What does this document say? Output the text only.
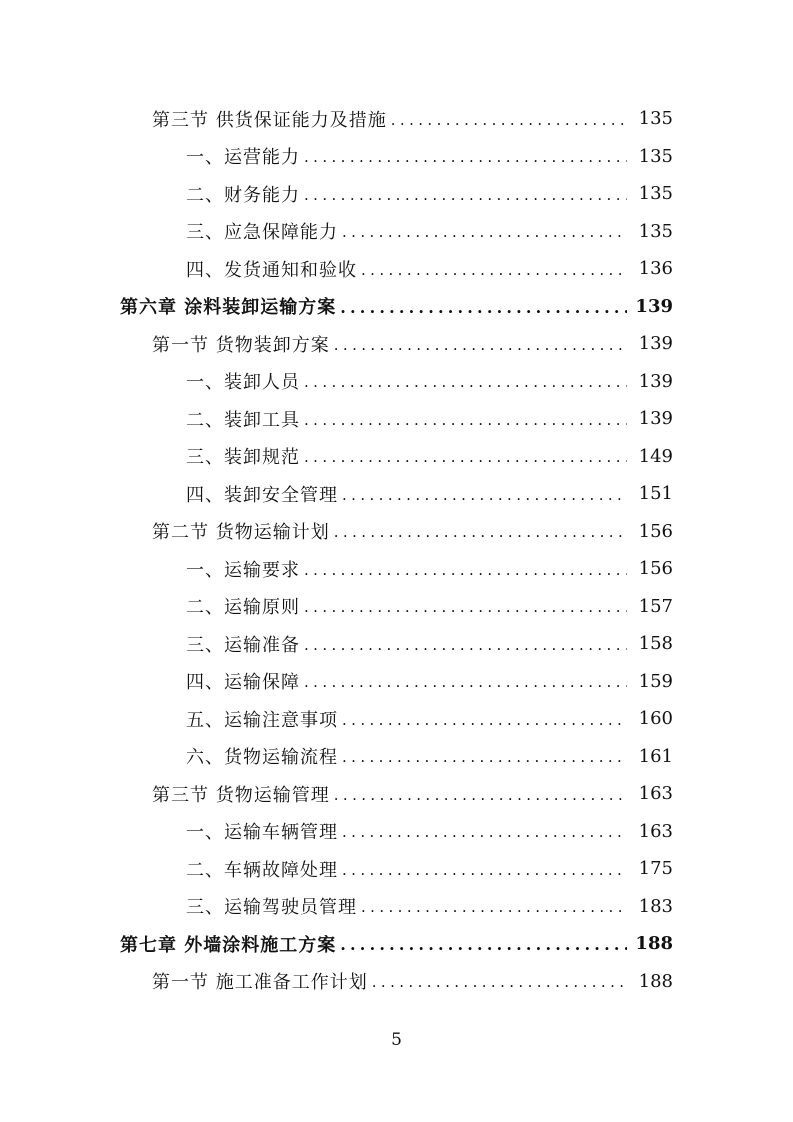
第三节 供货保证能力及措施 .....	135
一、运营能力 .....	135
二、财务能力 .....	135
三、应急保障能力 .....	135
四、发货通知和验收 .....	136
第六章 涂料装卸运输方案 .....	139
第一节 货物装卸方案 .....	139
一、装卸人员 .....	139
二、装卸工具 .....	139
三、装卸规范 .....	149
四、装卸安全管理 .....	151
第二节 货物运输计划 .....	156
一、运输要求 .....	156
二、运输原则 .....	157
三、运输准备 .....	158
四、运输保障 .....	159
五、运输注意事项 .....	160
六、货物运输流程 .....	161
第三节 货物运输管理 .....	163
一、运输车辆管理 .....	163
二、车辆故障处理 .....	175
三、运输驾驶员管理 .....	183
第七章 外墙涂料施工方案 .....	188
第一节 施工准备工作计划 .....	188
5
